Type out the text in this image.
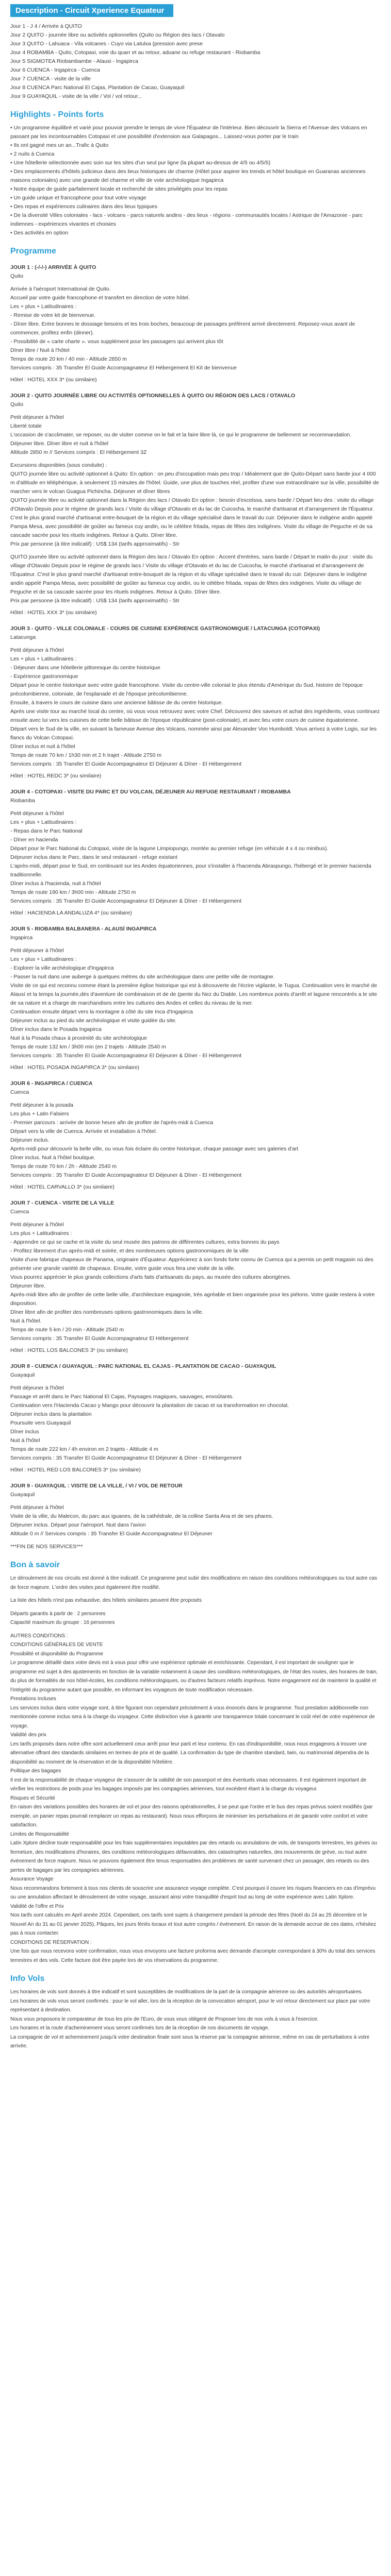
Description - Circuit Xperience Equateur

Jour 1 - J 4 / Arrivée à QUITO

Jour 2 QUITO - journée libre ou activités optionnelles (Quito ou Région des lacs / Otavalo

Jour 3 QUITO - Lahuaca - Vila volcanes - Cuyo via Latulxa (pression avec prese

Jour 4 ROBAMBA - Quito, Cotopaxi, voie du quarr et au retour, aduane ou refuge restaurant - Riobamba

Jour 5 SIGMOTEA Riobambambe - Alausi - Ingapirca

Jour 6 CUENCA - Ingapirca - Cuenca

Jour 7 CUENCA - visite de la ville

Jour 8 CUENCA Parc National El Cajas, Plantation de Cacao, Guayaquil

Jour 9 GUAYAQUIL - visite de la ville / Vol / vol retour...

Highlights - Points forts
• Un programme équilibré et varié pour pouvoir prendre le temps de vivre l'Équateur de l'intérieur. Bien découvrir la Sierra et l'Avenue des Volcans en passant par les incontournables Cotopaxi et une possibilité d'extension aux Galapagos... Laissez-vous porter par le train
• Ils ont gagné mes un an...Trafic à Quito
• 2 nuits à Cuenca
• Une hôtellerie sélectionnée avec soin sur les sites d'un seul pur ligne (la plupart au-dessus de 4/5 ou 4/5/5)
• Des emplacements d'hôtels judicieux dans des lieux historiques de charme (Hôtel pour aspirer les trends et hôtel boutique en Guaranas anciennes maisons coloniales) avec une grande del charme et ville de vote archéologique Ingapirca
• Notre équipe de guide parfaitement locale et recherché de sites privilégiés pour les repas
• Un guide unique et francophone pour tout votre voyage
• Des repas et expériences culinaires dans des lieux typiques
• De la diversité Villes coloniales - lacs - volcans - parcs naturels andins - des lieux - régions - communautés locales / Astrique de l'Amazonie - parc indiennes - expériences vivantes et choisies
• Des activités en option
Programme

JOUR 1 : (-/-/-) ARRIVÉE À QUITO

Quito

Arrivée à l'aéroport International de Quito.

Accueil par votre guide francophone et transfert en direction de votre hôtel.

Les + plus + Latitudinaires :

- Remise de votre kit de bienvenue.

- Dîner libre. Entre bonnes le dossiage besoins et les trois boches, beaucoup de passages préférent arrivé directement. Reposez-vous avant de commencer, profitez enfin (dinner).

- Possibilité de « carte charte ». vous supplément pour les passagers qui arrivent plus tôt

Dîner libre / Nuit à l'hôtel

Temps de route 20 km / 40 min - Altitude 2850 m

Services compris : 35 Transfer El Guide Accompagnateur El Hébergement El Kit de bienvenue

Hôtel : HOTEL XXX 3* (ou similaire)

JOUR 2 - QUITO JOURNÉE LIBRE OU ACTIVITÉS OPTIONNELLES À QUITO OU RÉGION DES LACS / OTAVALO

Quito

Petit déjeuner à l'hôtel

Liberté totale

L'occasion de s'acclimater, se reposer, ou de visiter comme on le fait et la faire libre là, ce qui le programme de bellement se recommandation.

Déjeuner libre. Dîner libre et nuit à l'hôtel

Altitude 2850 m // Services compris : El Hébergement 3Z

Excursions disponibles (sous conduite) :

QUITO journée libre ou activité optionnel à Quito: En option : on peu d'occupation mais peu trop / Idéalement que de Quito-Départ sans barde jour 4 000 m d'altitude en téléphérique, à seulement 15 minutes de l'hôtel. Guide, une plus de touches réel, profiter d'une vue extraordinaire sur la ville, possibilité de marcher vers le volcan Guagua Pichincha. Déjeuner et dîner libres

QUITO journée libre ou activité optionnel dans la Région des lacs / Otavalo En option : besoin d'excelssa, sans barde / Départ lieu des : visite du village d'Otavalo Depuis pour le régime de grands lacs / Visite du village d'Otavalo et du lac de Cuicocha, le marché d'artisanat et d'arrangement de l'Équateur. C'est le plus grand marché d'artisanat entre-bouquet de la région et du village spécialisé dans le travail du cuir. Déjeuner dans le indigène andin appelé Pampa Mesa, avec possibilité de goûter au fameux cuy andin, ou le célèbre fritada, repas de fêtes des indigènes. Visite du village de Peguche et de sa cascade sacrée pour les rituels indigènes. Retour à Quito. Dîner libre.

Prix par personne (à titre indicatif) : US$ 134 (tarifs approximatifs) - Str

QUITO journée libre ou activité optionnel dans la Région des lacs / Otavalo En option : Accent d'entrées, sans barde / Départ le matin du jour : visite du village d'Otavalo Depuis pour le régime de grands lacs / Visite du village d'Otavalo et du lac de Cuicocha, le marché d'artisanat et d'arrangement de l'Équateur. C'est le plus grand marché d'artisanat entre-bouquet de la région et du village spécialisé dans le travail du cuir. Déjeuner dans le indigène andin appelé Pampa Mesa, avec possibilité de goûter au fameux cuy andin, ou le célèbre fritada, repas de fêtes des indigènes. Visite du village de Peguche et de sa cascade sacrée pour les rituels indigènes. Retour à Quito. Dîner libre.

Prix par personne (à titre indicatif) : US$ 134 (tarifs approximatifs) - Str

Hôtel : HOTEL XXX 3* (ou similaire)

JOUR 3 - QUITO - VILLE COLONIALE - COURS DE CUISINE EXPÉRIENCE GASTRONOMIQUE / LATACUNGA (COTOPAXI)

Latacunga

Petit déjeuner à l'hôtel

Les + plus + Latitudinaires :

- Déjeuner dans une hôtellerie pittoresque du centre historique

- Expérience gastronomique

Départ pour le centre historique avec votre guide francophone. Visite du centre-ville colonial le plus étendu d'Amérique du Sud, histoire de l'époque précolombienne, coloniale, de l'esplanade et de l'époque précolombienne.

Ensuite, à travers le cours de cuisine dans une ancienne bâtisse de du centre historique.

Après une visite tour au marché local du centre, où vous vous retrouvez avec votre Chef. Découvrez des saveurs et achat des ingrédients, vous continuez ensuite avec lui vers les cuisines de cette belle bâtisse de l'époque républicaine (post-coloniale), et avec lieu votre cours de cuisine équatorienne.

Départ vers le Sud de la ville, en suivant la fameuse Avenue des Volcans, nommée ainsi par Alexander Von Humboldt. Vous arrivez à votre Logis, sur les flancs du Volcan Cotopaxi.

Dîner inclus et nuit à l'hôtel

Temps de route 70 km / 1h30 min et 2 h trajet - Altitude 2750 m

Services compris : 35 Transfer El Guide Accompagnateur El Déjeuner & Dîner - El Hébergement

Hôtel : HOTEL REDC 3* (ou similaire)

JOUR 4 - COTOPAXI - VISITE DU PARC ET DU VOLCAN, DÉJEUNER AU REFUGE RESTAURANT / RIOBAMBA

Riobamba

Petit déjeuner à l'hôtel

Les + plus + Latitudinaires :

- Repas dans le Parc National

- Dîner en hacienda

Départ pour le Parc National du Cotopaxi, visite de la lagune Limpiopungo, montée au premier refuge (en véhicule 4 x 4 ou minibus).

Déjeuner inclus dans le Parc, dans le seul restaurant - refuge existant

L'après-midi, départ pour le Sud, en continuant sur les Andes équatoriennes, pour s'installer à l'hacienda Abraspungo, l'hébergé et le premier hacienda traditionnelle.

Dîner inclus à l'hacienda, nuit à l'hôtel

Temps de route 190 km / 3h00 min - Altitude 2750 m

Services compris : 35 Transfer El Guide Accompagnateur El Déjeuner & Dîner - El Hébergement

Hôtel : HACIENDA LA ANDALUZA 4* (ou similaire)

JOUR 5 - RIOBAMBA BALBANERA - ALAUSÍ INGAPIRCA

Ingapirca

Petit déjeuner à l'hôtel

Les + plus + Latitudinaires :

- Explorer la ville archéologique d'Ingapirca

- Passer la nuit dans une auberge à quelques mètres du site archéologique dans une petite ville de montagne.

Visite de ce qui est reconnu comme étant la première église historique qui est à découverte de l'écrire vigilante, le Tugua. Continuation vers le marché de Alausí et la temps la journée,dès d'aventure de combinaison et de de (pente du Nez du Diable. Les nombreux points d'arrêt et lagune rencontrés a le site de sa nature et a charge de marchandises entre les cultures des Andes et celles du niveau de la mer.

Continuation ensuite départ vers la montagne à côté du site Inca d'Ingapirca

Déjeuner inclus au pied du site archéologique et visite guidée du site.

Dîner inclus dans le Posada Ingapirca

Nuit à la Posada chaux à proximité du site archéologique

Temps de route 132 km / 3h00 min (en 2 trajets - Altitude 2540 m

Services compris : 35 Transfer El Guide Accompagnateur El Déjeuner & Dîner - El Hébergement

Hôtel : HOTEL POSADA INGAPIRCA 3* (ou similaire)

JOUR 6 - INGAPIRCA / CUENCA

Cuenca

Petit déjeuner à la posada

Les plus + Latin Falsiers

- Premier parcours : arrivée de bonne heure afin de profiter de l'après-midi à Cuenca

Départ vers la ville de Cuenca. Arrivée et installation à l'hôtel.

Déjeuner inclus.

Après-midi pour découvrir la belle ville, ou vous fois éclaire du centre historique, chaque passage avec ses galeries d'art

Dîner inclus. Nuit à l'hôtel boutique.

Temps de route 70 km / 2h - Altitude 2540 m

Services compris : 35 Transfer El Guide Accompagnateur El Déjeuner & Dîner - El Hébergement

Hôtel : HOTEL CARVALLO 3* (ou similaire)

JOUR 7 - CUENCA - VISITE DE LA VILLE

Cuenca

Petit déjeuner à l'hôtel

Les plus + Latitudinaires :

- Apprendre ce qui se cache et la visite du seul musée des patrons de différentes cultures, extra bonnes du pays

- Profitez librement d'un après-midi et soirée, et des nombreuses options gastronomiques de la ville

Visite d'une fabrique chapeaux de Panama, originaire d'Équateur. Apprécierez à son fonds forte connu de Cuenca qui a permis un petit magasin où des présente une grande variété de chapeaux. Ensuite, votre guide vous fera une visite de la ville.

Vous pourrez apprécier le plus grands collections d'arts faits d'artisanats du pays, au musée des cultures aborigènes.

Déjeuner libre.

Après-midi libre afin de profiter de cette belle ville, d'architecture espagnole, très agréable et bien organisée pour les piétons. Votre guide restera à votre disposition.

Dîner libre afin de profiter des nombreuses options gastronomiques dans la ville.

Nuit à l'hôtel.

Temps de route 5 km / 20 min - Altitude 2540 m

Services compris : 35 Transfer El Guide Accompagnateur El Hébergement

Hôtel : HOTEL LOS BALCONES 3* (ou similaire)

JOUR 8 - CUENCA / GUAYAQUIL : PARC NATIONAL EL CAJAS - PLANTATION DE CACAO - GUAYAQUIL

Guayaquil

Petit déjeuner à l'hôtel

Passage et arrêt dans le Parc National El Cajas, Paysages magiques, sauvages, envoûtants.

Continuation vers l'Hacienda Cacao y Mango pour découvrir la plantation de cacao et sa transformation en chocolat.

Déjeuner inclus dans la plantation

Poursuite vers Guayaquil

Dîner inclus

Nuit à l'hôtel

Temps de route 222 km / 4h environ en 2 trajets - Altitude 4 m

Services compris : 35 Transfer El Guide Accompagnateur El Déjeuner & Dîner - El Hébergement

Hôtel : HOTEL RED LOS BALCONES 3* (ou similaire)

JOUR 9 - GUAYAQUIL : VISITE DE LA VILLE, / VI / VOL DE RETOUR

Guayaquil

Petit déjeuner à l'hôtel

Visite de la ville, du Malecon, du parc aux iguanes, de la cathédrale, de la colline Santa Ana et de ses phares.

Déjeuner inclus. Départ pour l'aéroport. Nuit dans l'avion

Altitude 0 m // Services compris : 35 Transfer El Guide Accompagnateur El Déjeuner

***FIN DE NOS SERVICES***

Bon à savoir

Le déroulement de nos circuits est donné à titre indicatif. Ce programme peut subir des modifications en raison des conditions météorologiques ou tout autre cas de force majeure. L'ordre des visites peut également être modifié.

La liste des hôtels n'est pas exhaustive, des hôtels similaires peuvent être proposés

Départs garantis à partir de : 2 personnes

Capacité maximum du groupe : 16 personnes

AUTRES CONDITIONS :

CONDITIONS GÉNÉRALES DE VENTE

Possibilité et disponibilité du Programme

Le programme détaillé dans votre devis est à vous pour offrir une expérience optimale et enrichissante. Cependant, il est important de souligner que le programme est sujet à des ajustements en fonction de la variable notamment à cause des conditions météorologiques, de l'état des routes, des horaires de train, du plus de formalités de nos hôtel-écoles, les conditions météorologiques, ou d'autres facteurs relatifs imprévus. Notre engagement est de maintenir la qualité et l'intégrité du programme autant que possible, en informant les voyageurs de toute modification nécessaire.

Prestations incluses

Les services inclus dans votre voyage sont, à titre figurant non cependant précisément à vous énoncés dans le programme. Tout prestation additionnelle non mentionnée comme inclus sera à la charge du voyageur. Cette distinction vise à garantir une transparence totale concernant le coût réel de votre expérience de voyage.

Validité des prix

Les tarifs proposés dans notre offre sont actuellement ceux arrêt pour leur parti et leur contenu. En cas d'indisponibilité, nous nous engageons à trouver une alternative offrant des standards similaires en termes de prix et de qualité. La confirmation du type de chambre standard, twin, ou matrimonial dépendra de la disponibilité au moment de la réservation et de la disponibilité hôtelière.

Politique des bagages

Il est de la responsabilité de chaque voyageur de s'assurer de la validité de son passeport et des éventuels visas nécessaires. Il est également important de vérifier les restrictions de poids pour les bagages imposés par les compagnies aériennes, tout excédent étant à la charge du voyageur.

Risques et Sécurité

En raison des variations possibles des horaires de vol et pour des raisons opérationnelles, il se peut que l'ordre et le bus des repas prévus soient modifiés (par exemple, un panier repas pourrait remplacer un repas au restaurant). Nous nous efforçons de minimiser les perturbations et de garantir votre confort et votre satisfaction.

Limites de Responsabilité

Latin Xplore décline toute responsabilité pour les frais supplémentaires imputables par des retards ou annulations de vols, de transports terrestres, les grèves ou fermeture, des modifications d'horaires, des conditions météorologiques défavorables, des catastrophes naturelles, des mouvements de grève, ou tout autre événement de force majeure. Nous ne pouvons également être tenus responsables des problèmes de santé survenant chez un passager, des retards ou des pertes de bagages par les compagnies aériennes.

Assurance Voyage

Nous recommandons fortement à tous nos clients de souscrire une assurance voyage complète. C'est pourquoi il couvre les risques financiers en cas d'imprévu ou une annulation affectant le déroulement de votre voyage, assurant ainsi votre tranquillité d'esprit tout au long de votre expérience avec Latin Xplore.

Validité de l'offre et Prix

Nos tarifs sont calculés en April année 2024. Cependant, ces tarifs sont sujets à changement pendant la période des fêtes (Noël du 24 au 25 décembre et le Nouvel An du 31 au 01 janvier 2025), Pâques, les jours fériés locaux et tout autre congrès / événement. En raison de la demande accrue de ces dates, n'hésitez pas à nous contacter.

CONDITIONS DE RÉSERVATION :

Une fois que nous recevons votre confirmation, nous vous envoyons une facture proforma avec demande d'acompte correspondant à 30% du total des services terrestres et des vols. Cette facture doit être payée lors de vos réservations du programme.

Info Vols

Les horaires de vols sont donnés à titre indicatif et sont susceptibles de modifications de la part de la compagnie aérienne ou des autorités aéroportuaires.

Les horaires de vols vous seront confirmés : pour le vol aller, lors de la réception de la convocation aéroport, pour le vol retour directement sur place par votre représentant à destination.

Nous vous proposons le comparateur de tous les prix de l'Euro, de vous vous obligent de Proposer lors de nos vols à vous à l'exercice.

Les horaires et la route d'acheminement vous seront confirmés lors de la réception de nos documents de voyage.

La compagnie de vol et acheminement jusqu'à votre destination finale sont sous la réserve par la compagnie aérienne, même en cas de perturbations à votre arrivée.
